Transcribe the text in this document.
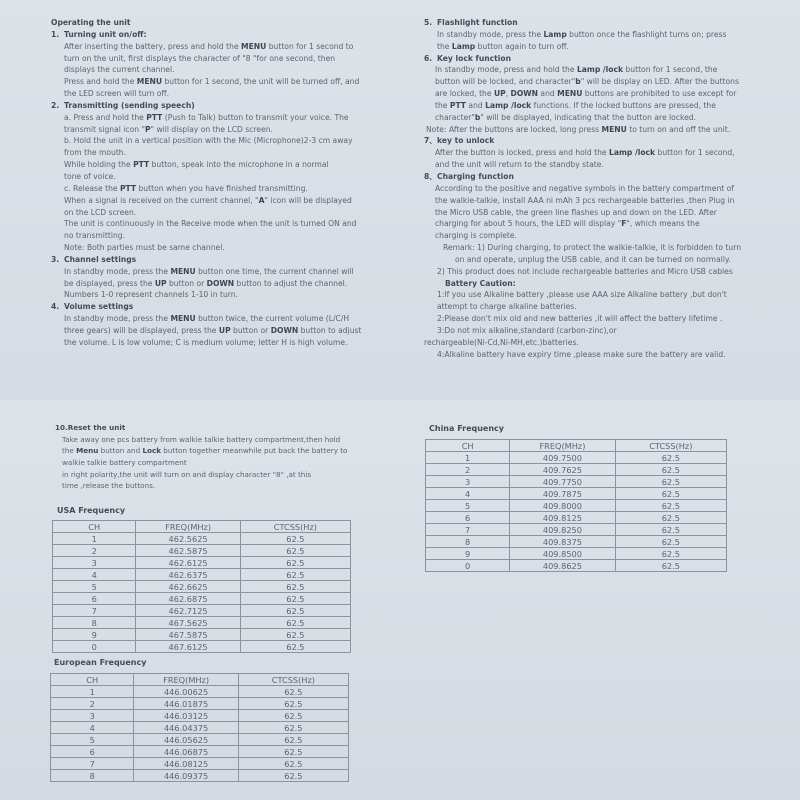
Operating the unit
1. Turning unit on/off:
After inserting the battery, press and hold the MENU button for 1 second to
turn on the unit, first displays the character of "8 "for one second, then
displays the current channel.
Press and hold the MENU button for 1 second, the unit will be turned off, and
the LED screen will turn off.
2. Transmitting (sending speech)
a. Press and hold the PTT (Push to Talk) button to transmit your voice. The
transmit signal icon "P" will display on the LCD screen.
b. Hold the unit in a vertical position with the Mic (Microphone)2-3 cm away
from the mouth.
While holding the PTT button, speak into the microphone in a normal
tone of voice.
c. Release the PTT button when you have finished transmitting.
When a signal is received on the current channel, "A" icon will be displayed
on the LCD screen.
The unit is continuously in the Receive mode when the unit is turned ON and
no transmitting.
Note: Both parties must be same channel.
3. Channel settings
In standby mode, press the MENU button one time, the current channel will
be displayed, press the UP button or DOWN button to adjust the channel.
Numbers 1-0 represent channels 1-10 in turn.
4. Volume settings
In standby mode, press the MENU button twice, the current volume (L/C/H
three gears) will be displayed, press the UP button or DOWN button to adjust
the volume. L is low volume; C is medium volume; letter H is high volume.
5. Flashlight function
In standby mode, press the Lamp button once the flashlight turns on; press
the Lamp button again to turn off.
6. Key lock function
In standby mode, press and hold the Lamp /lock button for 1 second, the
button will be locked, and character"b" will be display on LED. After the buttons
are locked, the UP, DOWN and MENU buttons are prohibited to use except for
the PTT and Lamp /lock functions. If the locked buttons are pressed, the
character"b" will be displayed, indicating that the button are locked.
Note: After the buttons are locked, long press MENU to turn on and off the unit.
7、key to unlock
After the button is locked, press and hold the Lamp /lock button for 1 second,
and the unit will return to the standby state.
8、Charging function
According to the positive and negative symbols in the battery compartment of
the walkie-talkie, install AAA ni mAh 3 pcs rechargeable batteries ,then Plug in
the Micro USB cable, the green line flashes up and down on the LED. After
charging for about 5 hours, the LED will display "F", which means the
charging is complete.
Remark: 1) During charging, to protect the walkie-talkie, it is forbidden to turn
on and operate, unplug the USB cable, and it can be turned on normally.
2) This product does not include rechargeable batteries and Micro USB cables
Battery Caution:
1:If you use Alkaline battery ,please use AAA size Alkaline battery ,but don't
attempt to charge alkaline batteries.
2:Please don't mix old and new batteries ,it will affect the battery lifetime .
3:Do not mix alkaline,standard (carbon-zinc),or
rechargeable(Ni-Cd,Ni-MH,etc.)batteries.
4:Alkaline battery have expiry time ,please make sure the battery are valid.
10.Reset the unit
Take away one pcs battery from walkie talkie battery compartment,then hold
the Menu button and Lock button together meanwhile put back the battery to
walkie talkie battery compartment
in right polarity,the unit will turn on and display character "8" ,at this
time ,release the buttons.
USA Frequency
CH	FREQ(MHz)	CTCSS(Hz)
1	462.5625	62.5
2	462.5875	62.5
3	462.6125	62.5
4	462.6375	62.5
5	462.6625	62.5
6	462.6875	62.5
7	462.7125	62.5
8	467.5625	62.5
9	467.5875	62.5
0	467.6125	62.5
European Frequency
CH	FREQ(MHz)	CTCSS(Hz)
1	446.00625	62.5
2	446.01875	62.5
3	446.03125	62.5
4	446.04375	62.5
5	446.05625	62.5
6	446.06875	62.5
7	446.08125	62.5
8	446.09375	62.5
China Frequency
CH	FREQ(MHz)	CTCSS(Hz)
1	409.7500	62.5
2	409.7625	62.5
3	409.7750	62.5
4	409.7875	62.5
5	409.8000	62.5
6	409.8125	62.5
7	409.8250	62.5
8	409.8375	62.5
9	409.8500	62.5
0	409.8625	62.5
